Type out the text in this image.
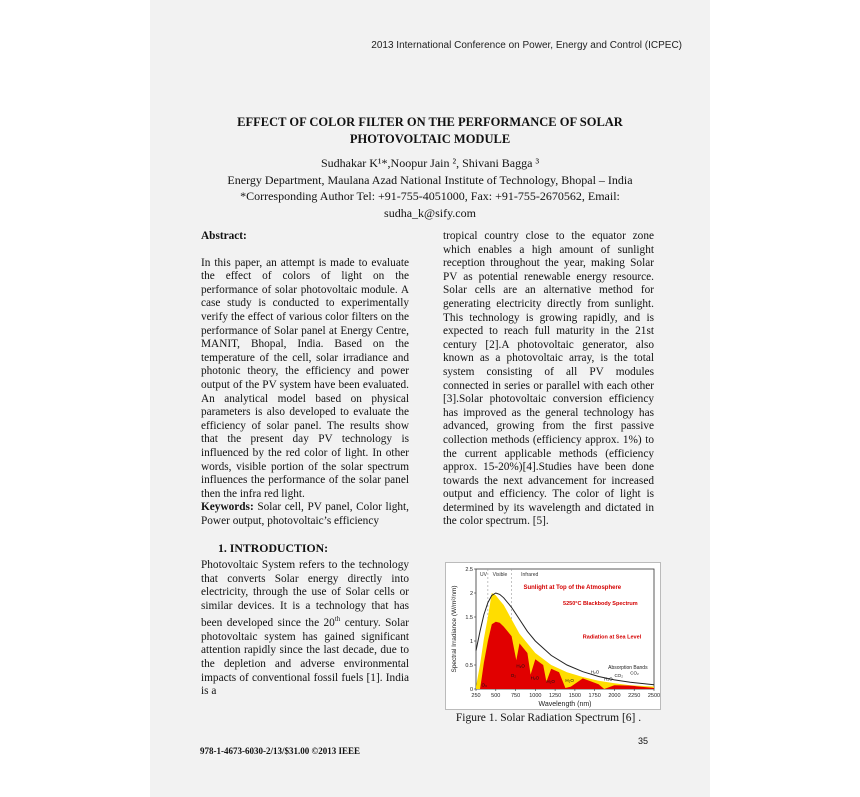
2013 International Conference on Power, Energy and Control (ICPEC)
EFFECT OF COLOR FILTER ON THE PERFORMANCE OF SOLAR
PHOTOVOLTAIC MODULE
Sudhakar K¹*,Noopur Jain ², Shivani Bagga ³
Energy Department, Maulana Azad National Institute of Technology, Bhopal – India
*Corresponding Author Tel: +91-755-4051000, Fax: +91-755-2670562, Email:
sudha_k@sify.com
Abstract:

In this paper, an attempt is made to evaluate the effect of colors of light on the performance of solar photovoltaic module. A case study is conducted to experimentally verify the effect of various color filters on the performance of Solar panel at Energy Centre, MANIT, Bhopal, India. Based on the temperature of the cell, solar irradiance and photonic theory, the efficiency and power output of the PV system have been evaluated. An analytical model based on physical parameters is also developed to evaluate the efficiency of solar panel. The results show that the present day PV technology is influenced by the red color of light. In other words, visible portion of the solar spectrum influences the performance of the solar panel then the infra red light.

Keywords: Solar cell, PV panel, Color light, Power output, photovoltaic’s efficiency

1. INTRODUCTION:

Photovoltaic System refers to the technology that converts Solar energy directly into electricity, through the use of Solar cells or similar devices. It is a technology that has been developed since the 20th century. Solar photovoltaic system has gained significant attention rapidly since the last decade, due to the depletion and adverse environmental impacts of conventional fossil fuels [1]. India is a

tropical country close to the equator zone which enables a high amount of sunlight reception throughout the year, making Solar PV as potential renewable energy resource. Solar cells are an alternative method for generating electricity directly from sunlight. This technology is growing rapidly, and is expected to reach full maturity in the 21st century [2].A photovoltaic generator, also known as a photovoltaic array, is the total system consisting of all PV modules connected in series or parallel with each other [3].Solar photovoltaic conversion efficiency has improved as the general technology has advanced, growing from the first passive collection methods (efficiency approx. 1%) to the current applicable methods (efficiency approx. 15-20%)[4].Studies have been done towards the next advancement for increased output and efficiency. The color of light is determined by its wavelength and dictated in the color spectrum. [5].

250 500 750 1000 1250 1500 1750 2000 2250 2500
0
0.5
1
1.5
2
2.5
Wavelength (nm)
Spectral Irradiance (W/m²/nm)
UV Visible	Infrared
Sunlight at Top of the Atmosphere
5250°C Blackbody Spectrum
Radiation at Sea Level
Absorption Bands
O₃
H₂O
O₂	H₂O
H₂O H₂O	H₂O
CO₂
H₂O	CO₂
Figure 1. Solar Radiation Spectrum [6] .
978-1-4673-6030-2/13/$31.00 ©2013 IEEE
35
